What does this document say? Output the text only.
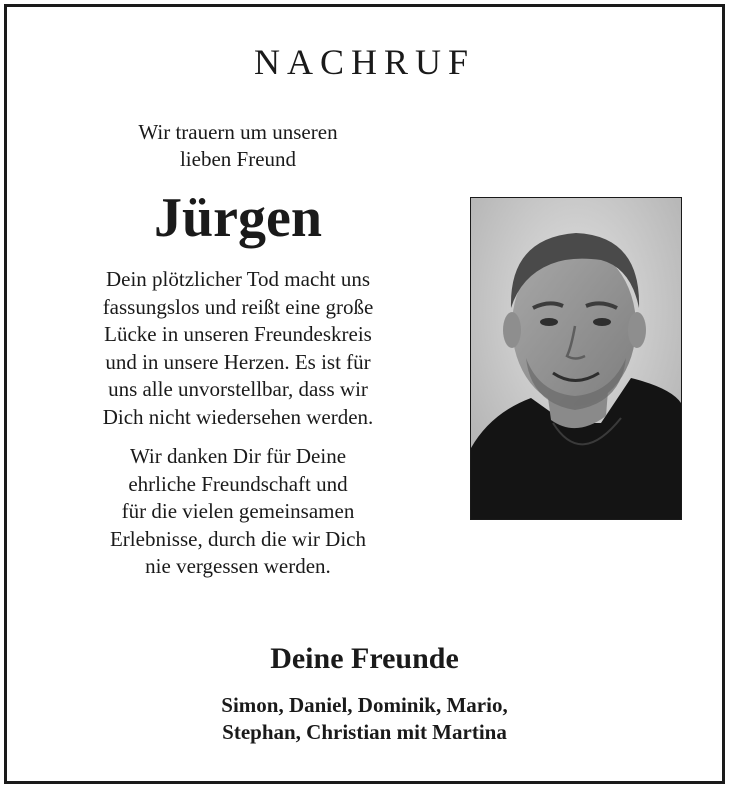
NACHRUF

Wir trauern um unseren

lieben Freund

Jürgen

Dein plötzlicher Tod macht uns
fassungslos und reißt eine große
Lücke in unseren Freundeskreis
und in unsere Herzen. Es ist für
uns alle unvorstellbar, dass wir
Dich nicht wiedersehen werden.

Wir danken Dir für Deine
ehrliche Freundschaft und
für die vielen gemeinsamen
Erlebnisse, durch die wir Dich
nie vergessen werden.

Deine Freunde

Simon, Daniel, Dominik, Mario,
Stephan, Christian mit Martina
